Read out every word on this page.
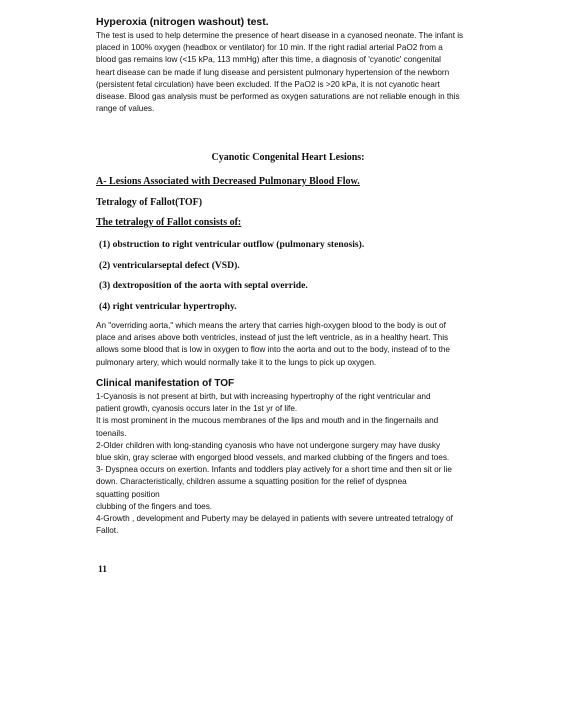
Hyperoxia (nitrogen washout) test.

The test is used to help determine the presence of heart disease in a cyanosed neonate. The infant is

placed in 100% oxygen (headbox or ventilator) for 10 min. If the right radial arterial PaO2 from a

blood gas remains low (<15 kPa, 113 mmHg) after this time, a diagnosis of 'cyanotic' congenital

heart disease can be made if lung disease and persistent pulmonary hypertension of the newborn

(persistent fetal circulation) have been excluded. If the PaO2 is >20 kPa, it is not cyanotic heart

disease. Blood gas analysis must be performed as oxygen saturations are not reliable enough in this

range of values.

Cyanotic Congenital Heart Lesions:
A- Lesions Associated with Decreased Pulmonary Blood Flow.
Tetralogy of Fallot(TOF)
The tetralogy of Fallot consists of:
(1) obstruction to right ventricular outflow (pulmonary stenosis).
(2) ventricularseptal defect (VSD).
(3) dextroposition of the aorta with septal override.
(4) right ventricular hypertrophy.

An "overriding aorta," which means the artery that carries high-oxygen blood to the body is out of

place and arises above both ventricles, instead of just the left ventricle, as in a healthy heart. This

allows some blood that is low in oxygen to flow into the aorta and out to the body, instead of to the

pulmonary artery, which would normally take it to the lungs to pick up oxygen.

Clinical manifestation of TOF

1-Cyanosis is not present at birth, but with increasing hypertrophy of the right ventricular and

patient growth, cyanosis occurs later in the 1st yr of life.

It is most prominent in the mucous membranes of the lips and mouth and in the fingernails and

toenails.

2-Older children with long-standing cyanosis who have not undergone surgery may have dusky

blue skin, gray sclerae with engorged blood vessels, and marked clubbing of the fingers and toes.

3- Dyspnea occurs on exertion. Infants and toddlers play actively for a short time and then sit or lie

down. Characteristically, children assume a squatting position for the relief of dyspnea

squatting position

clubbing of the fingers and toes.

4-Growth , development and Puberty may be delayed in patients with severe untreated tetralogy of

Fallot.

11
